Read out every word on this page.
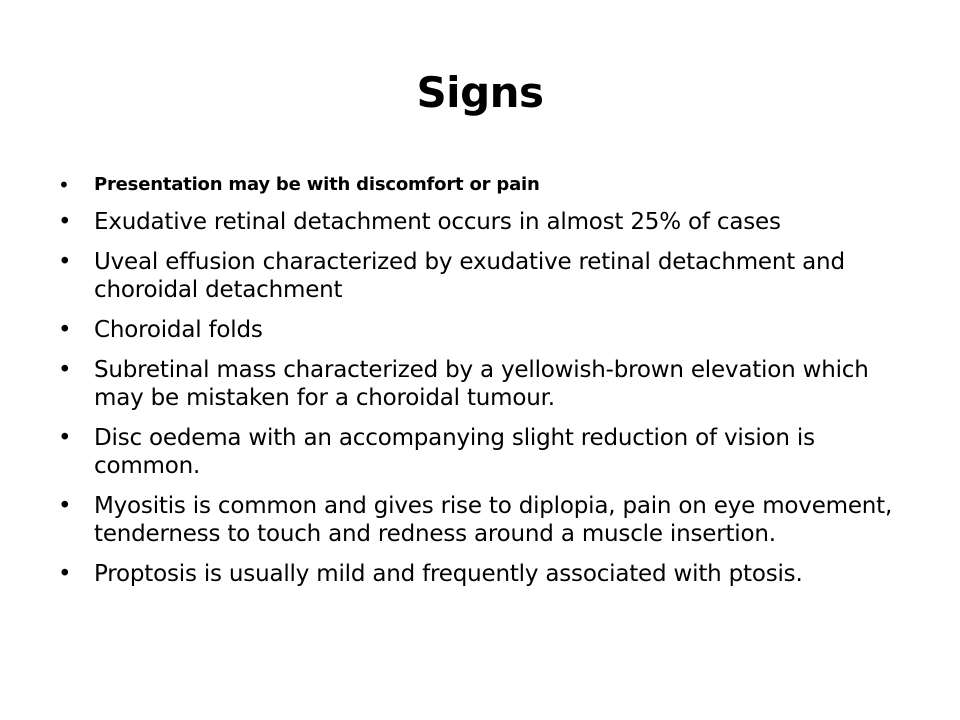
Signs
•
Presentation may be with discomfort or pain
•
Exudative retinal detachment occurs in almost 25% of cases
•
Uveal effusion characterized by exudative retinal detachment and choroidal detachment
•
Choroidal folds
•
Subretinal mass characterized by a yellowish-brown elevation which may be mistaken for a choroidal tumour.
•
Disc oedema with an accompanying slight reduction of vision is common.
•
Myositis is common and gives rise to diplopia, pain on eye movement, tenderness to touch and redness around a muscle insertion.
•
Proptosis is usually mild and frequently associated with ptosis.
